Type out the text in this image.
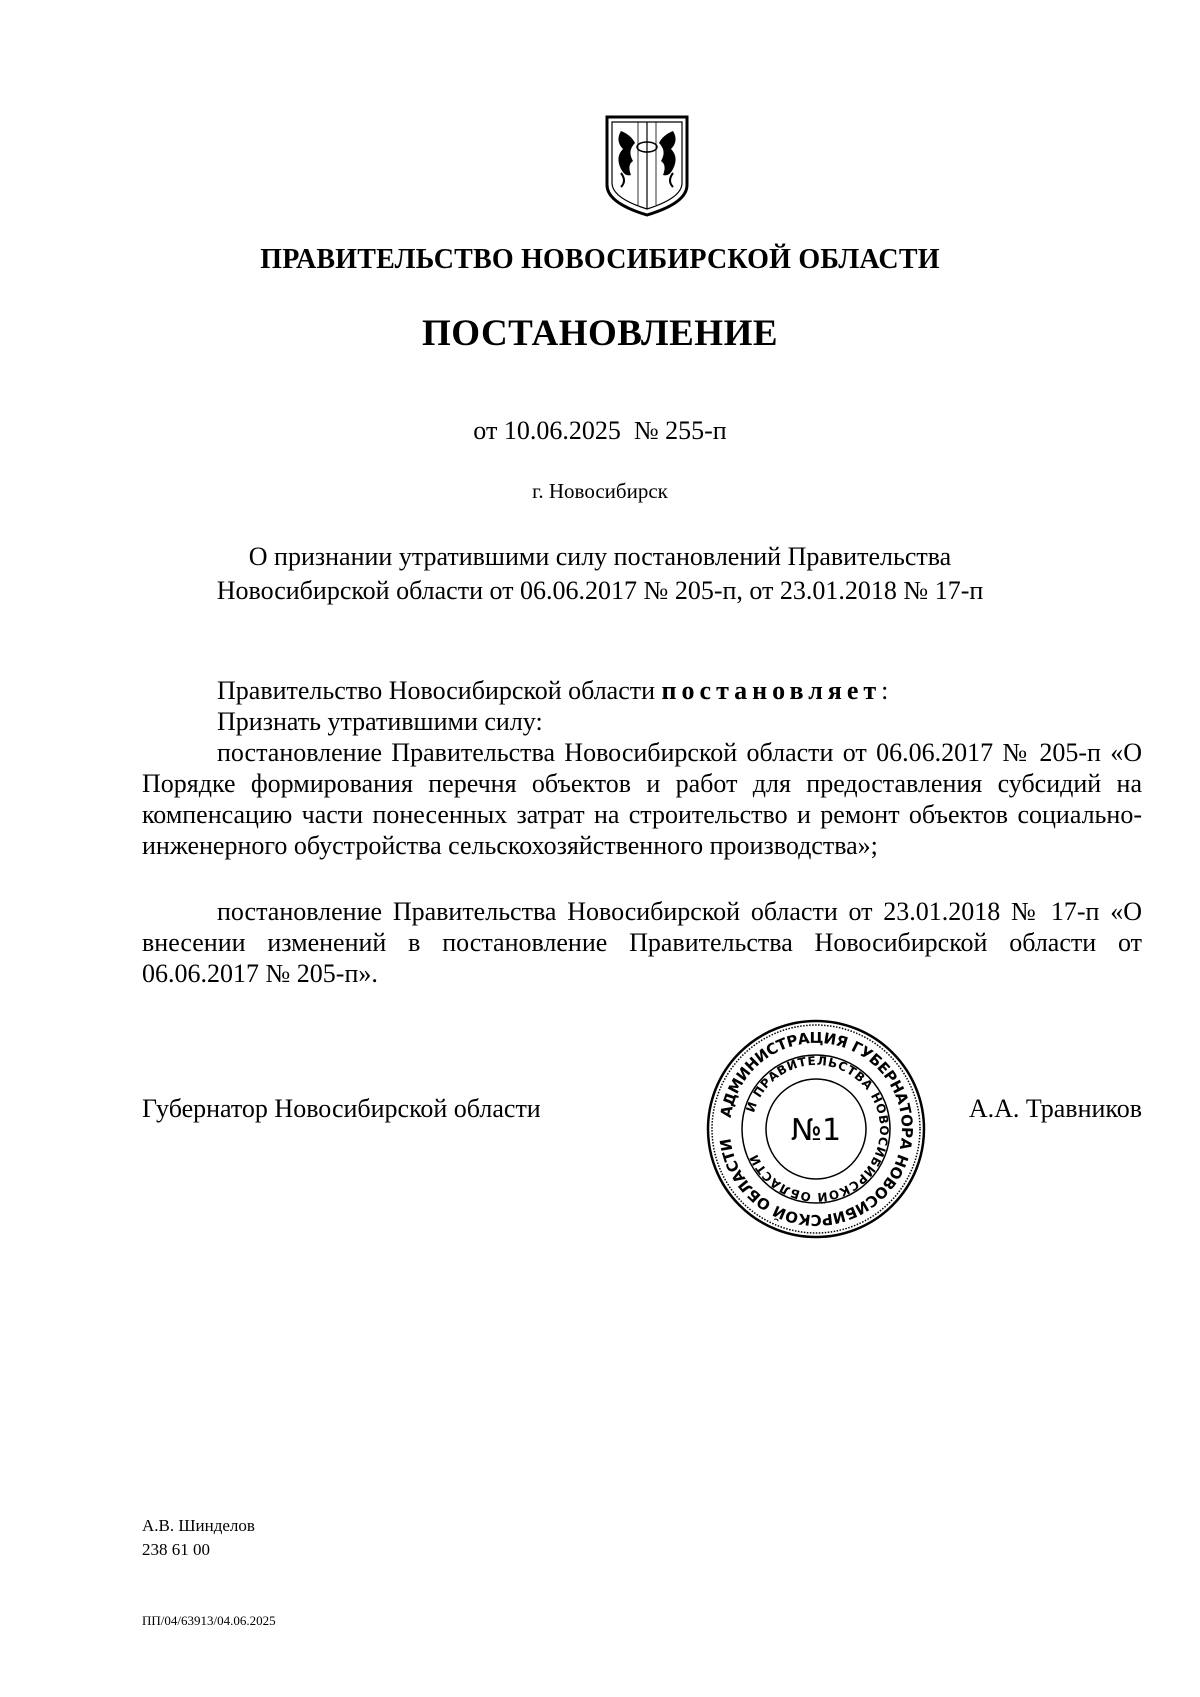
ПРАВИТЕЛЬСТВО НОВОСИБИРСКОЙ ОБЛАСТИ
ПОСТАНОВЛЕНИЕ
от 10.06.2025  № 255-п
г. Новосибирск
О признании утратившими силу постановлений Правительства
Новосибирской области от 06.06.2017 № 205-п, от 23.01.2018 № 17-п
Правительство Новосибирской области постановляет:
Признать утратившими силу:
постановление Правительства Новосибирской области от 06.06.2017 № 205-п «О Порядке формирования перечня объектов и работ для предоставления субсидий на компенсацию части понесенных затрат на строительство и ремонт объектов социально-инженерного обустройства сельскохозяйственного производства»;
постановление Правительства Новосибирской области от 23.01.2018 № 17-п «О внесении изменений в постановление Правительства Новосибирской области от 06.06.2017 № 205-п».
Губернатор Новосибирской области	А.А. Травников
АДМИНИСТРАЦИЯ ГУБЕРНАТОРА НОВОСИБИРСКОЙ ОБЛАСТИ
И ПРАВИТЕЛЬСТВА НОВОСИБИРСКОЙ ОБЛАСТИ
№1
А.В. Шинделов
238 61 00
ПП/04/63913/04.06.2025
